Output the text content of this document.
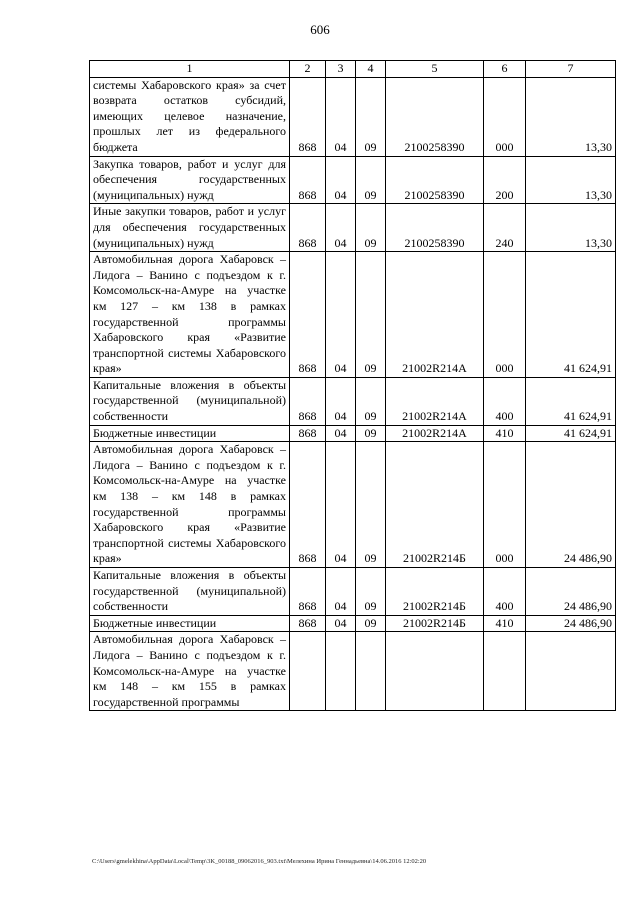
606
1	2	3	4	5	6	7
системы Хабаровского края» за счет возврата остатков субсидий, имеющих целевое назначение, прошлых лет из федерального бюджета	868	04	09	2100258390	000	13,30
Закупка товаров, работ и услуг для обеспечения государственных (муниципальных) нужд	868	04	09	2100258390	200	13,30
Иные закупки товаров, работ и услуг для обеспечения государственных (муниципальных) нужд	868	04	09	2100258390	240	13,30
Автомобильная дорога Хабаровск – Лидога – Ванино с подъездом к г. Комсомольск-на-Амуре на участке км 127 – км 138 в рамках государственной программы Хабаровского края «Развитие транспортной системы Хабаровского края»	868	04	09	21002R214А	000	41 624,91
Капитальные вложения в объекты государственной (муниципальной) собственности	868	04	09	21002R214А	400	41 624,91
Бюджетные инвестиции	868	04	09	21002R214А	410	41 624,91
Автомобильная дорога Хабаровск – Лидога – Ванино с подъездом к г. Комсомольск-на-Амуре на участке км 138 – км 148 в рамках государственной программы Хабаровского края «Развитие транспортной системы Хабаровского края»	868	04	09	21002R214Б	000	24 486,90
Капитальные вложения в объекты государственной (муниципальной) собственности	868	04	09	21002R214Б	400	24 486,90
Бюджетные инвестиции	868	04	09	21002R214Б	410	24 486,90
Автомобильная дорога Хабаровск – Лидога – Ванино с подъездом к г. Комсомольск-на-Амуре на участке км 148 – км 155 в рамках государственной программы						
C:\Users\gmelekhina\AppData\Local\Temp\3K_00188_09062016_903.txt\Мелехина Ирина Геннадьевна\14.06.2016 12:02:20
